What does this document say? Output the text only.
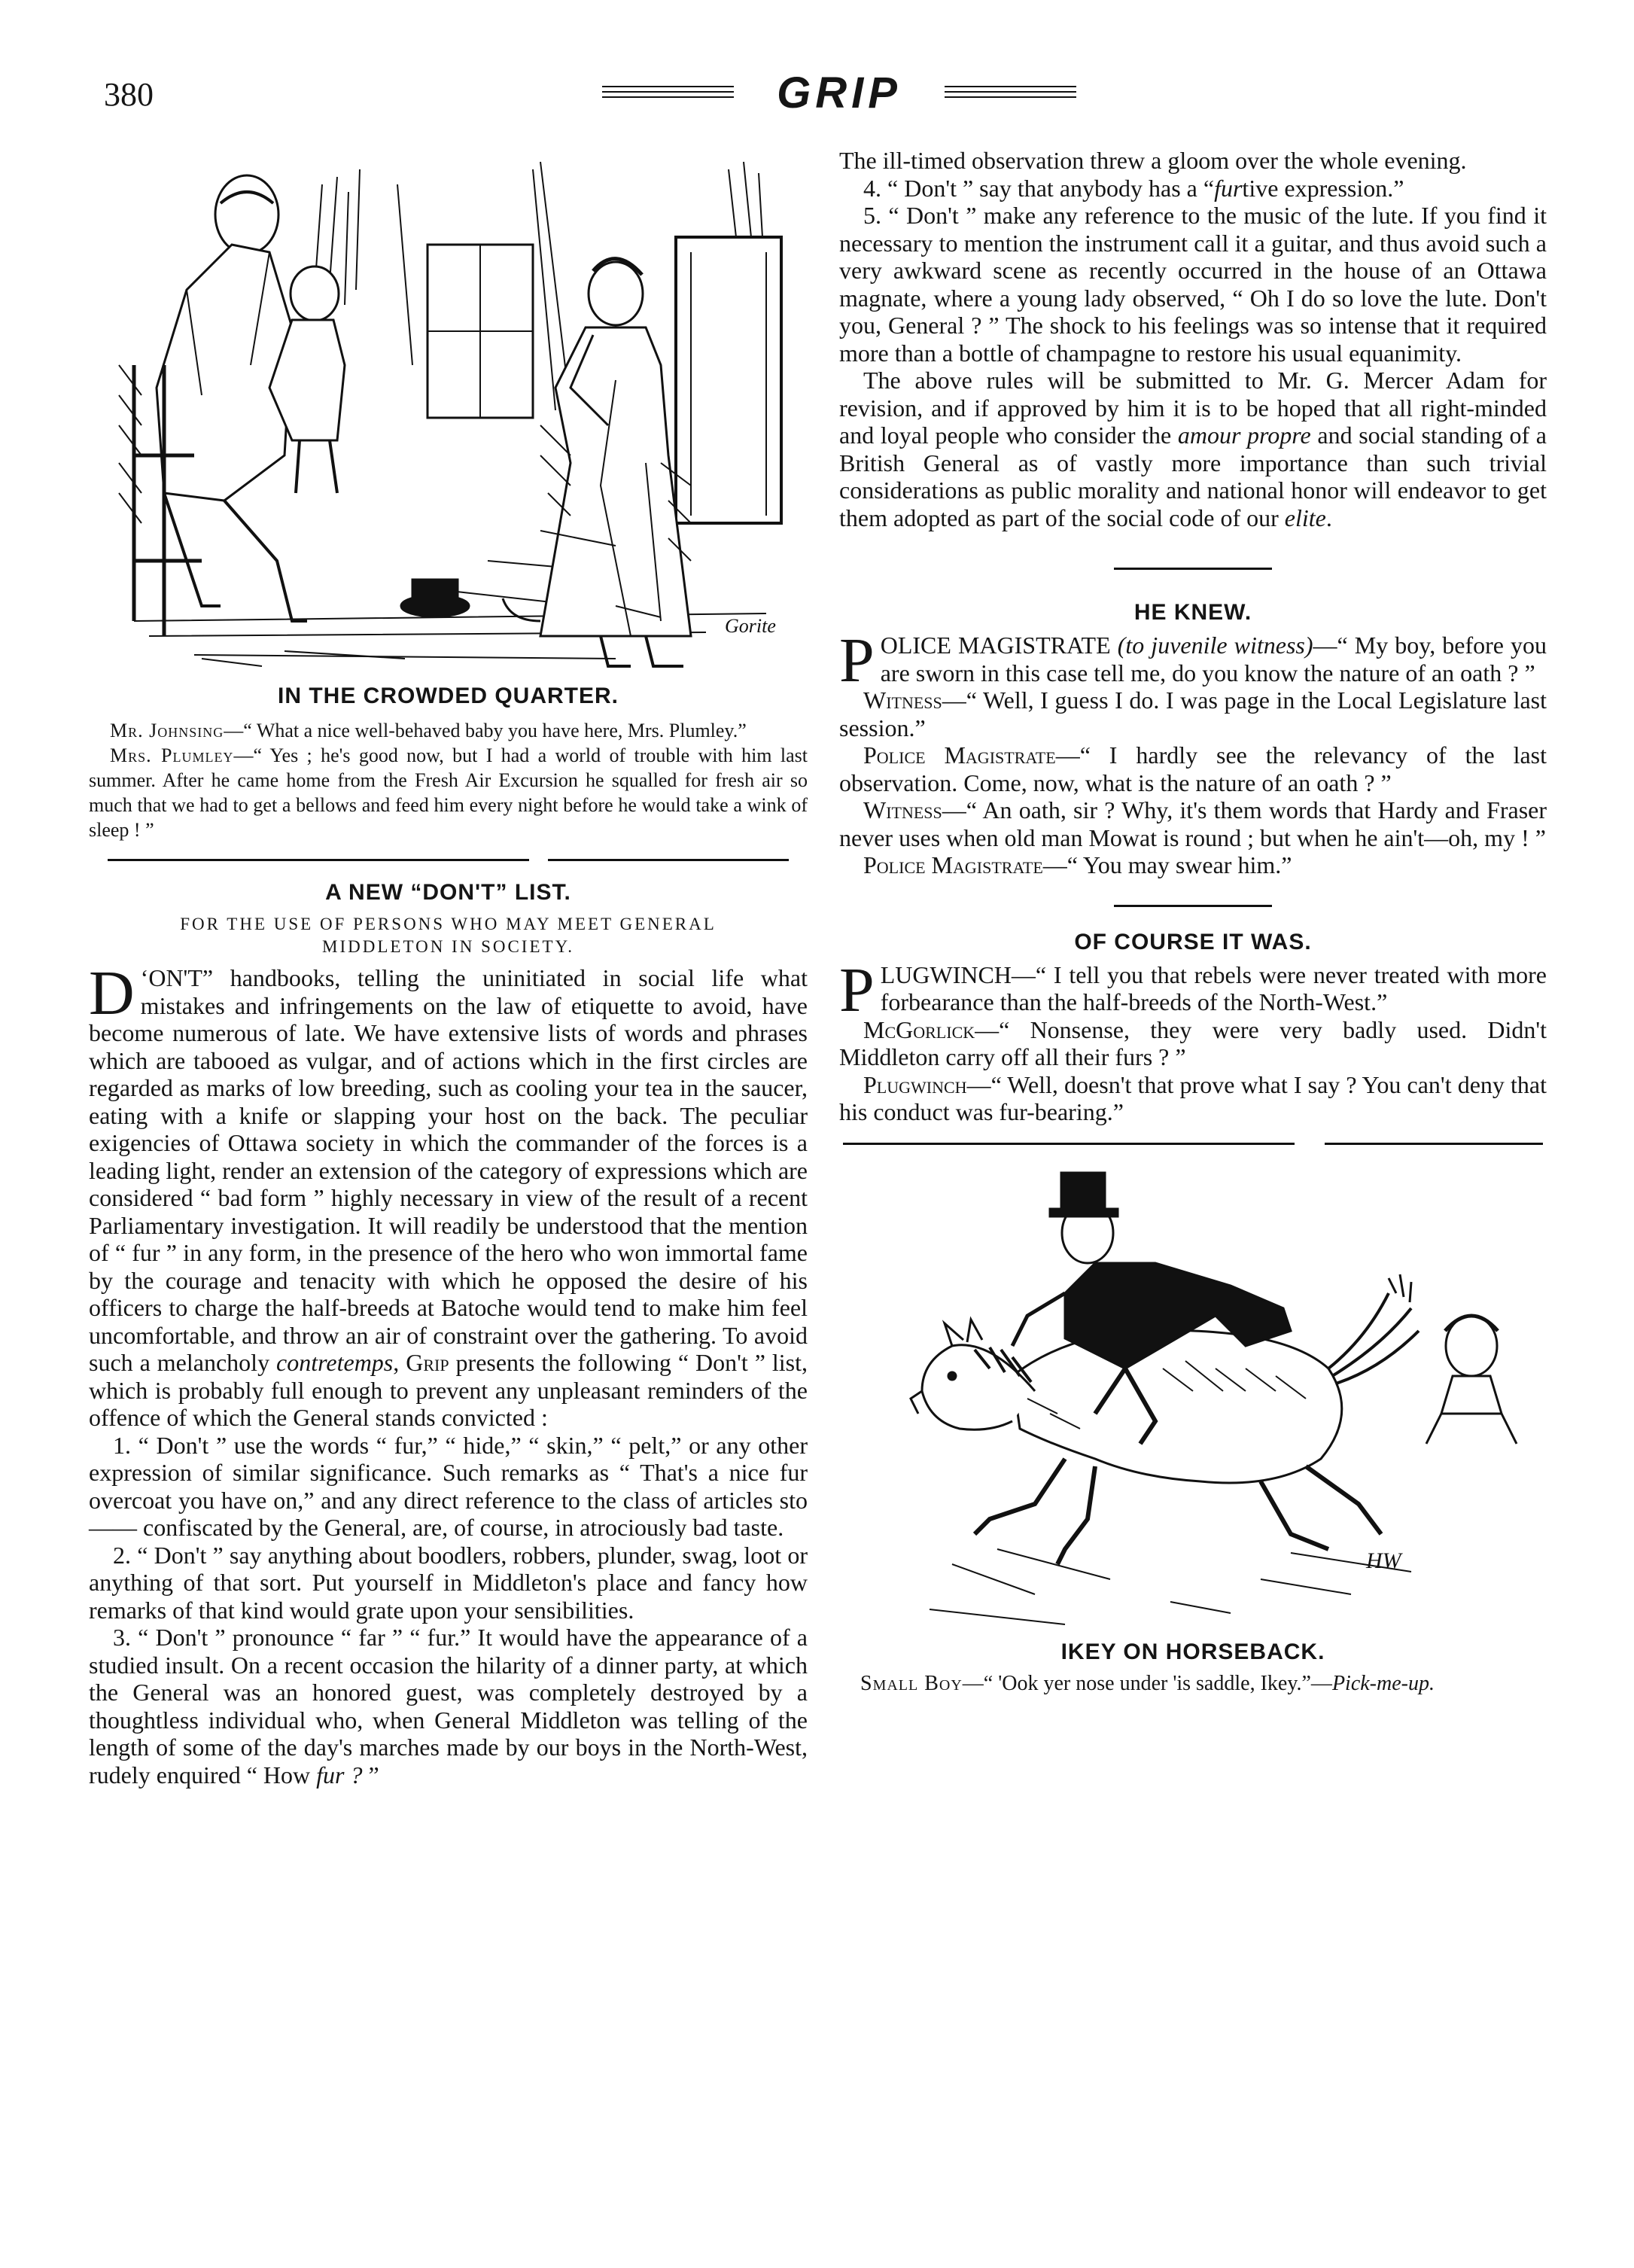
380	GRIP
Gorite

IN THE CROWDED QUARTER.

Mr. Johnsing—“ What a nice well-behaved baby you have here, Mrs. Plumley.”

Mrs. Plumley—“ Yes ; he's good now, but I had a world of trouble with him last summer. After he came home from the Fresh Air Excursion he squalled for fresh air so much that we had to get a bellows and feed him every night before he would take a wink of sleep ! ”

A NEW “DON'T” LIST.

FOR THE USE OF PERSONS WHO MAY MEET GENERAL

MIDDLETON IN SOCIETY.

‘
D ON'T” handbooks, telling the uninitiated in social life what mistakes and infringements on the law of etiquette to avoid, have become numerous of late. We have extensive lists of words and phrases which are tabooed as vulgar, and of actions which in the first circles are regarded as marks of low breeding, such as cooling your tea in the saucer, eating with a knife or slapping your host on the back. The peculiar exigencies of Ottawa society in which the commander of the forces is a leading light, render an extension of the category of expressions which are considered “ bad form ” highly necessary in view of the result of a recent Parliamentary investigation. It will readily be understood that the mention of “ fur ” in any form, in the presence of the hero who won immortal fame by the courage and tenacity with which he opposed the desire of his officers to charge the half-breeds at Batoche would tend to make him feel uncomfortable, and throw an air of constraint over the gathering. To avoid such a melancholy contretemps, Grip presents the following “ Don't ” list, which is probably full enough to prevent any unpleasant reminders of the offence of which the General stands convicted :

1. “ Don't ” use the words “ fur,” “ hide,” “ skin,” “ pelt,” or any other expression of similar significance. Such remarks as “ That's a nice fur overcoat you have on,” and any direct reference to the class of articles sto—— confiscated by the General, are, of course, in atrociously bad taste.

2. “ Don't ” say anything about boodlers, robbers, plunder, swag, loot or anything of that sort. Put yourself in Middleton's place and fancy how remarks of that kind would grate upon your sensibilities.

3. “ Don't ” pronounce “ far ” “ fur.” It would have the appearance of a studied insult. On a recent occasion the hilarity of a dinner party, at which the General was an honored guest, was completely destroyed by a thoughtless individual who, when General Middleton was telling of the length of some of the day's marches made by our boys in the North-West, rudely enquired “ How fur ? ”

The ill-timed observation threw a gloom over the whole evening.

4. “ Don't ” say that anybody has a “furtive expression.”

5. “ Don't ” make any reference to the music of the lute. If you find it necessary to mention the instrument call it a guitar, and thus avoid such a very awkward scene as recently occurred in the house of an Ottawa magnate, where a young lady observed, “ Oh I do so love the lute. Don't you, General ? ” The shock to his feelings was so intense that it required more than a bottle of champagne to restore his usual equanimity.

The above rules will be submitted to Mr. G. Mercer Adam for revision, and if approved by him it is to be hoped that all right-minded and loyal people who consider the amour propre and social standing of a British General as of vastly more importance than such trivial considerations as public morality and national honor will endeavor to get them adopted as part of the social code of our elite.

HE KNEW.

POLICE MAGISTRATE (to juvenile witness)—“ My boy, before you are sworn in this case tell me, do you know the nature of an oath ? ”

Witness—“ Well, I guess I do. I was page in the Local Legislature last session.”

Police Magistrate—“ I hardly see the relevancy of the last observation. Come, now, what is the nature of an oath ? ”

Witness—“ An oath, sir ? Why, it's them words that Hardy and Fraser never uses when old man Mowat is round ; but when he ain't—oh, my ! ”

Police Magistrate—“ You may swear him.”

OF COURSE IT WAS.

PLUGWINCH—“ I tell you that rebels were never treated with more forbearance than the half-breeds of the North-West.”

McGorlick—“ Nonsense, they were very badly used. Didn't Middleton carry off all their furs ? ”

Plugwinch—“ Well, doesn't that prove what I say ? You can't deny that his conduct was fur-bearing.”

HW

IKEY ON HORSEBACK.

Small Boy—“ 'Ook yer nose under 'is saddle, Ikey.”—Pick-me-up.
